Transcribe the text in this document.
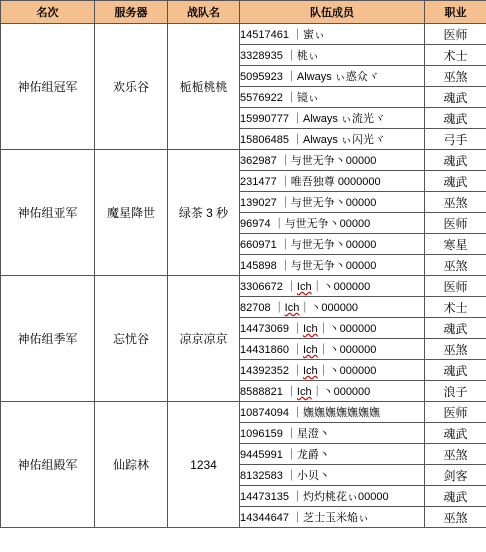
名次	服务器	战队名	队伍成员	职业
神佑组冠军	欢乐谷	栀栀桃桃	14517461 ｜蜜ぃ	医师
			3328935 ｜桃ぃ	术士
			5095923 ｜Always ぃ惑众ヾ	巫煞
			5576922 ｜镜ぃ	魂武
			15990777 ｜Always ぃ流光ヾ	魂武
			15806485 ｜Always ぃ闪光ヾ	弓手
神佑组亚军	魔星降世	绿茶 3 秒	362987 ｜与世无争丶00000	魂武
			231477 ｜唯吾独尊 0000000	魂武
			139027 ｜与世无争丶00000	巫煞
			96974 ｜与世无争丶00000	医师
			660971 ｜与世无争丶00000	寒星
			145898 ｜与世无争丶00000	巫煞
神佑组季军	忘忧谷	凉京凉京	3306672 ｜Ich｜丶000000	医师
			82708 ｜Ich｜丶000000	术士
			14473069 ｜Ich｜丶000000	魂武
			14431860 ｜Ich｜丶000000	巫煞
			14392352 ｜Ich｜丶000000	魂武
			8588821 ｜Ich｜丶000000	浪子
神佑组殿军	仙踪林	1234	10874094 ｜嫵嫵嫵嫵嫵嫵嫵	医师
			1096159 ｜星澄丶	魂武
			9445991 ｜龙爵丶	巫煞
			8132583 ｜小贝丶	剑客
			14473135 ｜灼灼桃花ぃ00000	魂武
			14344647 ｜芝士玉米焔ぃ	巫煞
